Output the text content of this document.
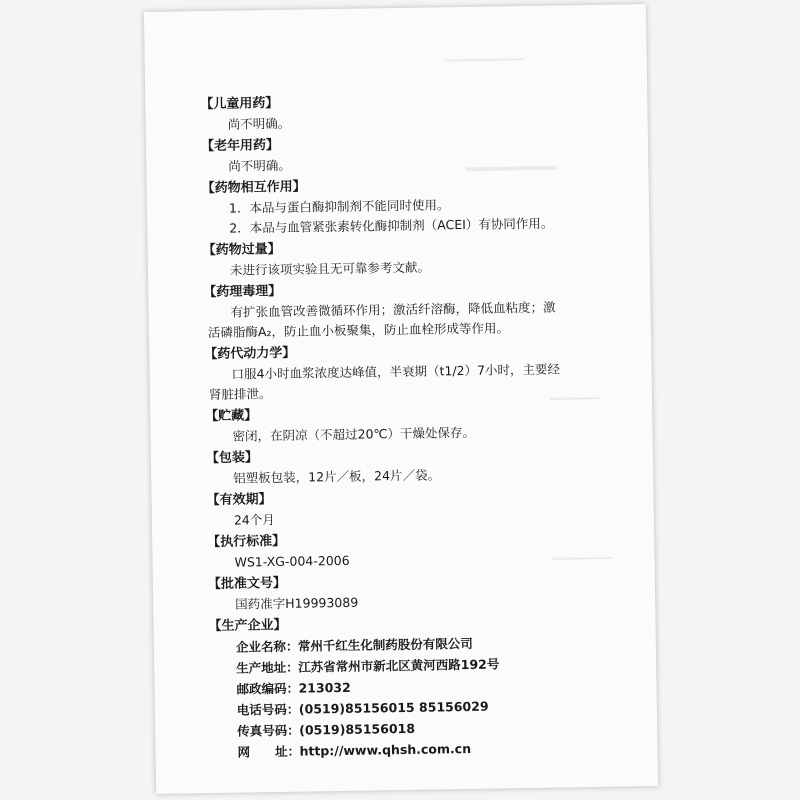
▁▁▁▁▁▁▁▁
▂▂▂▂▂▂▂▂▂
▁▁▁▁▁
▁▁▁▁▁▁
【儿童用药】
尚不明确。
【老年用药】
尚不明确。
【药物相互作用】
1．本品与蛋白酶抑制剂不能同时使用。
2．本品与血管紧张素转化酶抑制剂（ACEI）有协同作用。
【药物过量】
未进行该项实验且无可靠参考文献。
【药理毒理】
有扩张血管改善微循环作用；激活纤溶酶，降低血粘度；激
活磷脂酶A₂，防止血小板聚集，防止血栓形成等作用。
【药代动力学】
口服4小时血浆浓度达峰值，半衰期（t1/2）7小时，主要经
肾脏排泄。
【贮藏】
密闭，在阴凉（不超过20℃）干燥处保存。
【包装】
铝塑板包装，12片／板，24片／袋。
【有效期】
24个月
【执行标准】
WS1-XG-004-2006
【批准文号】
国药准字H19993089
【生产企业】
企业名称：常州千红生化制药股份有限公司
生产地址：江苏省常州市新北区黄河西路192号
邮政编码：213032
电话号码：(0519)85156015 85156029
传真号码：(0519)85156018
网　　址：http://www.qhsh.com.cn
